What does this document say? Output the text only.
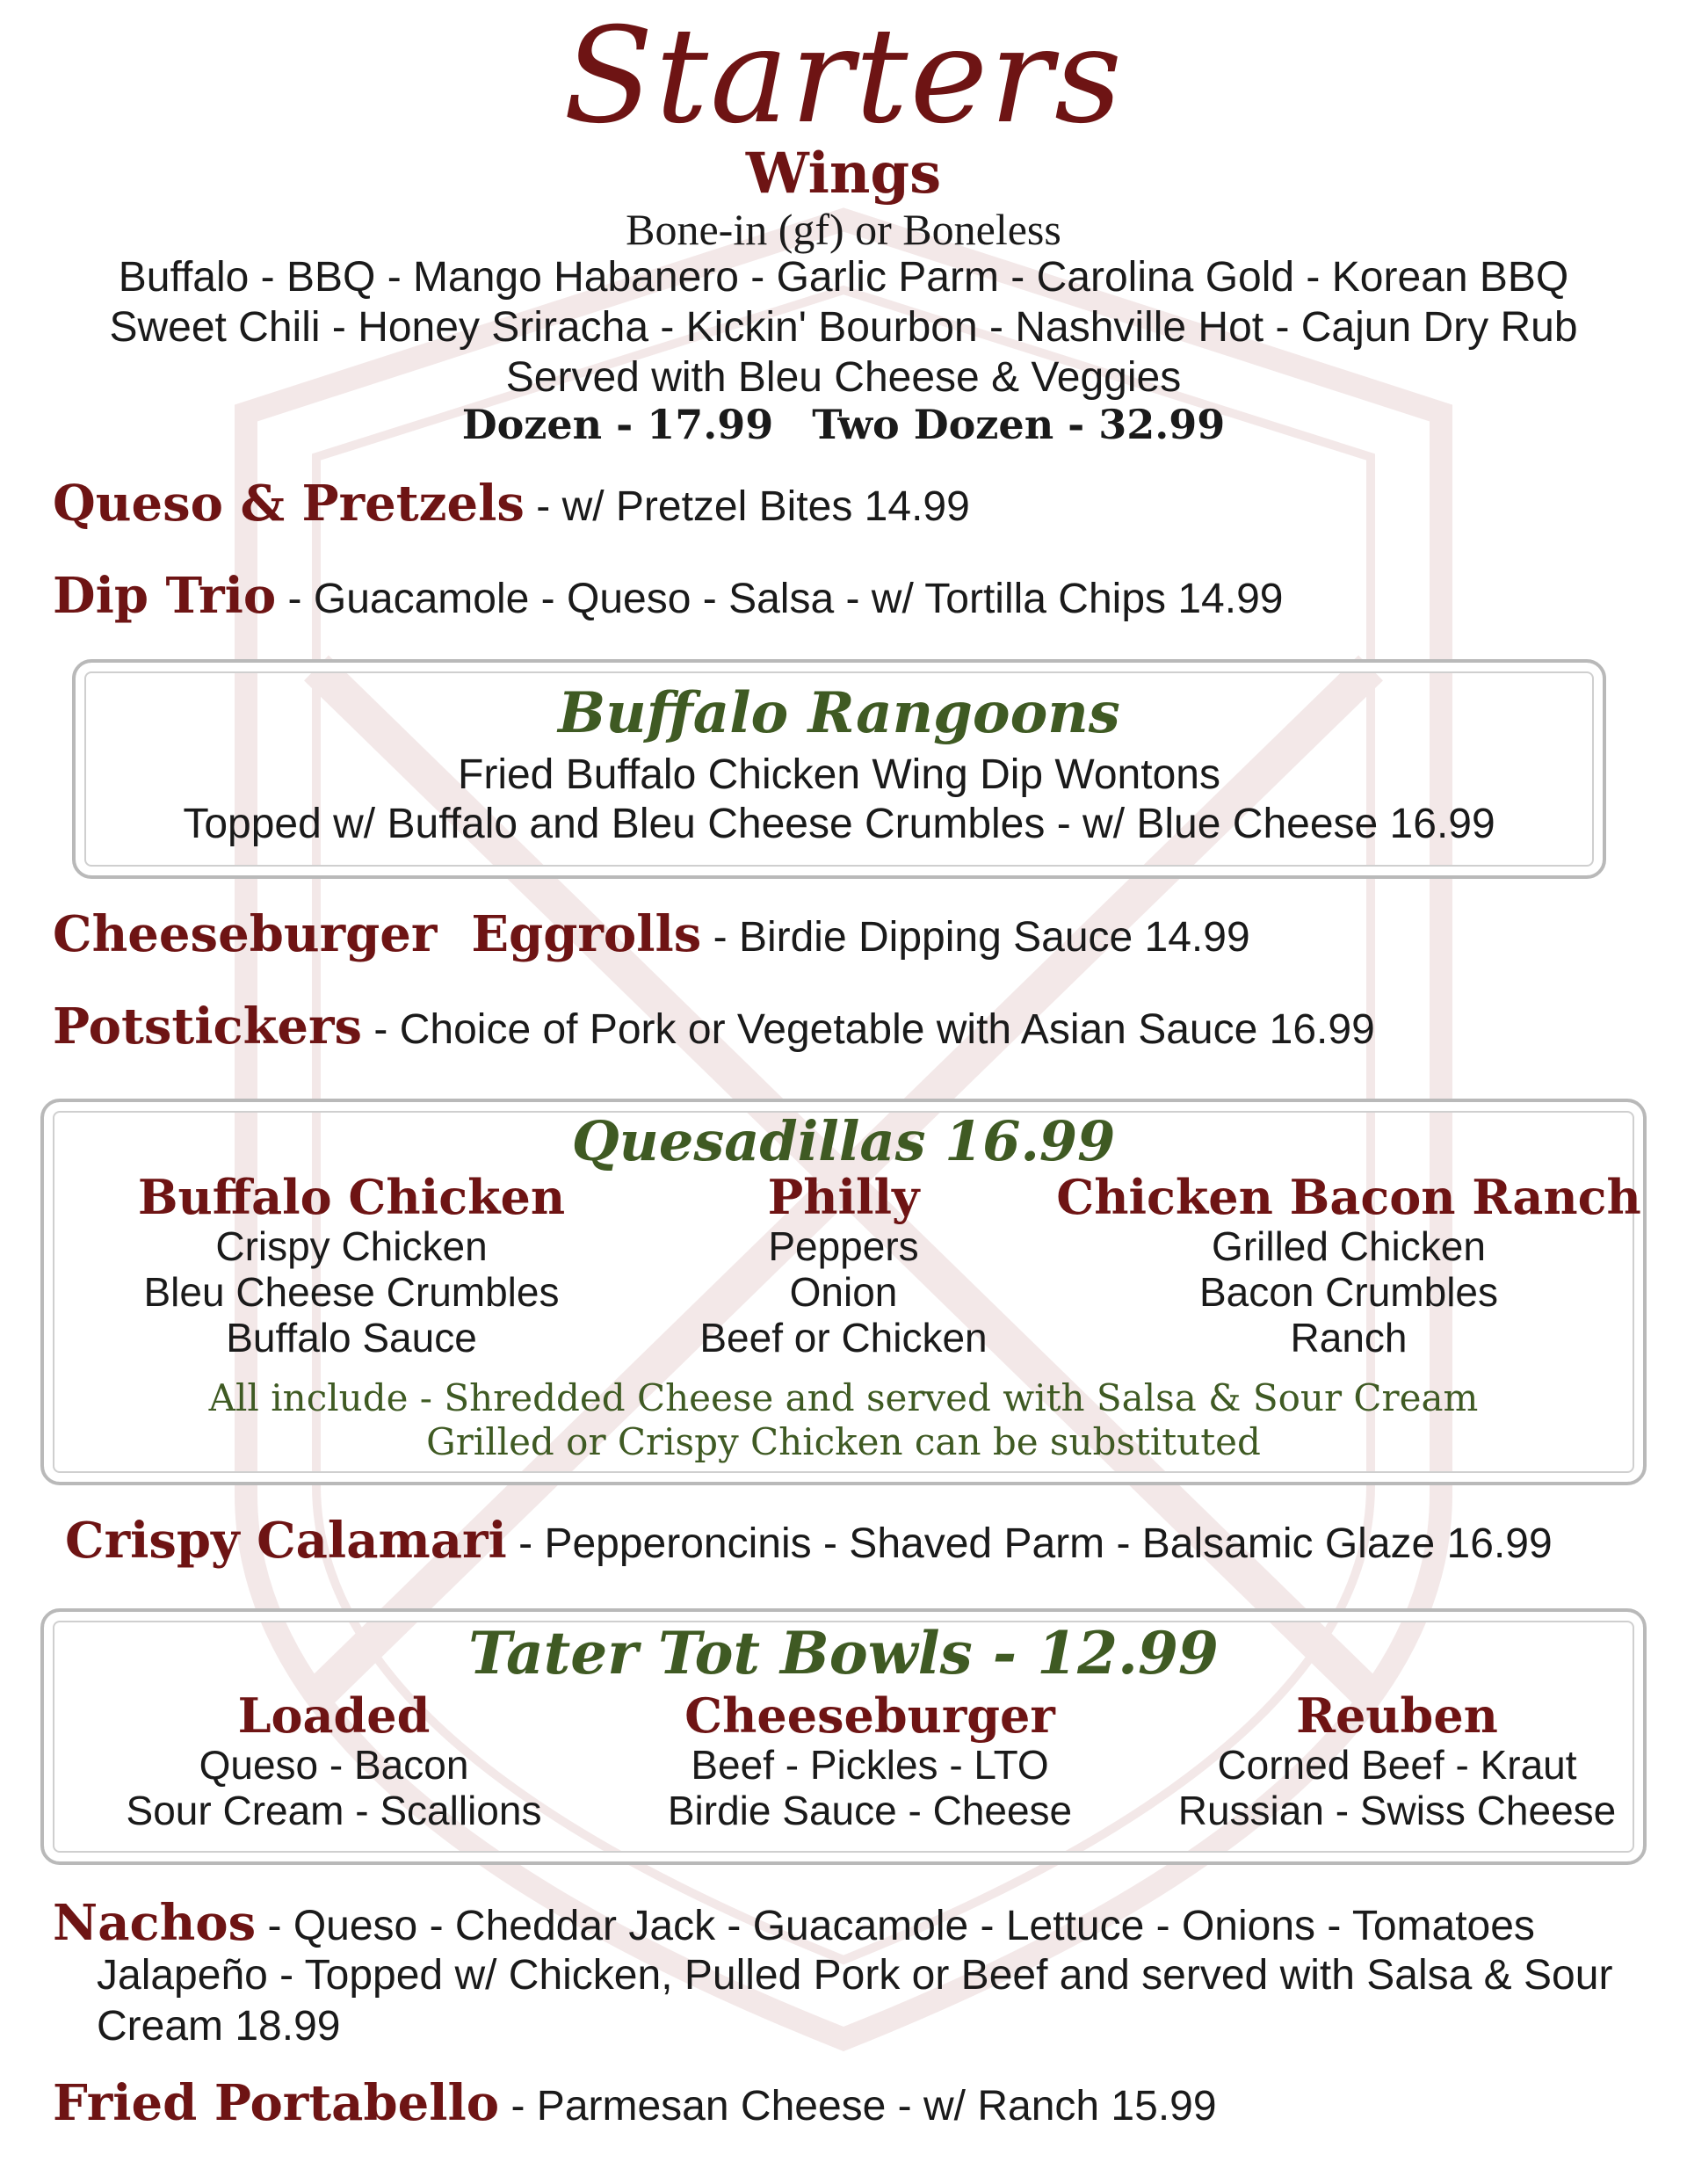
Starters
Wings
Bone-in (gf) or Boneless
Buffalo - BBQ - Mango Habanero - Garlic Parm - Carolina Gold - Korean BBQ
Sweet Chili - Honey Sriracha - Kickin' Bourbon - Nashville Hot - Cajun Dry Rub
Served with Bleu Cheese & Veggies
Dozen - 17.99 Two Dozen - 32.99
Queso & Pretzels - w/ Pretzel Bites 14.99
Dip Trio - Guacamole - Queso - Salsa - w/ Tortilla Chips 14.99
Buffalo Rangoons
Fried Buffalo Chicken Wing Dip Wontons
Topped w/ Buffalo and Bleu Cheese Crumbles - w/ Blue Cheese 16.99
Cheeseburger  Eggrolls - Birdie Dipping Sauce 14.99
Potstickers - Choice of Pork or Vegetable with Asian Sauce 16.99
Quesadillas 16.99
Buffalo Chicken
Crispy Chicken
Bleu Cheese Crumbles
Buffalo Sauce
Philly
Peppers
Onion
Beef or Chicken
Chicken Bacon Ranch
Grilled Chicken
Bacon Crumbles
Ranch
All include - Shredded Cheese and served with Salsa & Sour Cream
Grilled or Crispy Chicken can be substituted
Crispy Calamari - Pepperoncinis - Shaved Parm - Balsamic Glaze 16.99
Tater Tot Bowls - 12.99
Loaded
Queso - Bacon
Sour Cream - Scallions
Cheeseburger
Beef - Pickles - LTO
Birdie Sauce - Cheese
Reuben
Corned Beef - Kraut
Russian - Swiss Cheese
Nachos - Queso - Cheddar Jack - Guacamole - Lettuce - Onions - Tomatoes
Jalapeño - Topped w/ Chicken, Pulled Pork or Beef and served with Salsa & Sour
Cream 18.99
Fried Portabello - Parmesan Cheese - w/ Ranch 15.99
